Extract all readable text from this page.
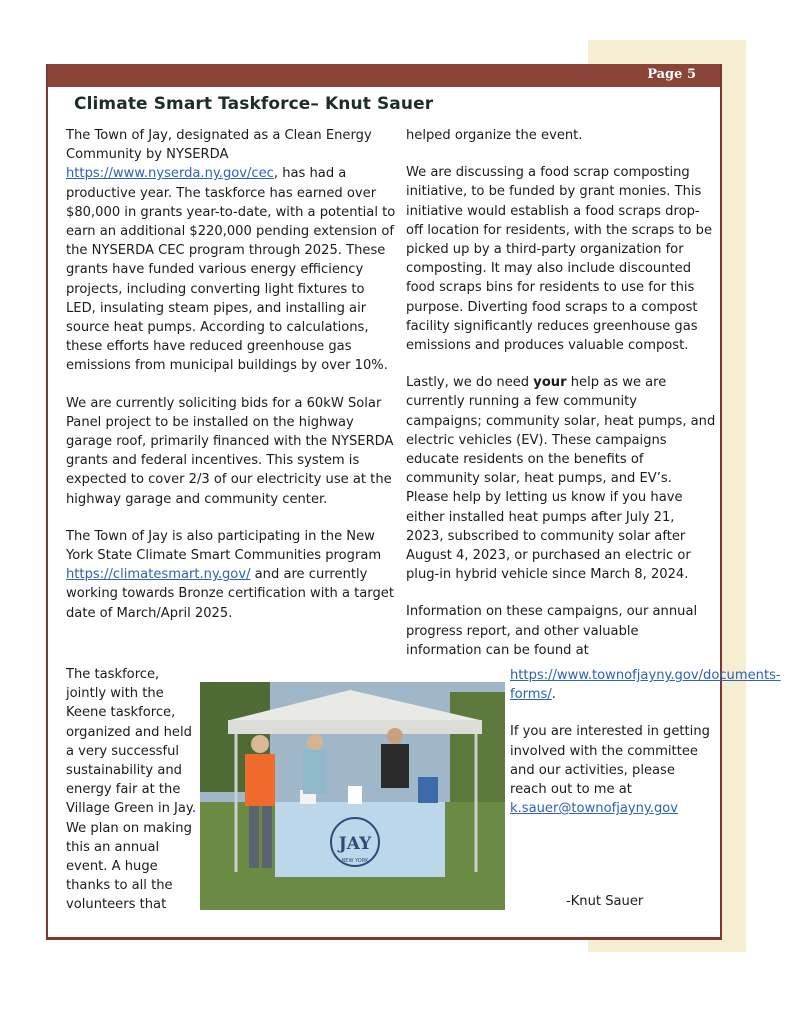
Page 5
Climate Smart Taskforce– Knut Sauer

The Town of Jay, designated as a Clean Energy Community by NYSERDA https://www.nyserda.ny.gov/cec, has had a productive year. The taskforce has earned over $80,000 in grants year-to-date, with a potential to earn an additional $220,000 pending extension of the NYSERDA CEC program through 2025. These grants have funded various energy efficiency projects, including converting light fixtures to LED, insulating steam pipes, and installing air source heat pumps. According to calculations, these efforts have reduced greenhouse gas emissions from municipal buildings by over 10%.

We are currently soliciting bids for a 60kW Solar Panel project to be installed on the highway garage roof, primarily financed with the NYSERDA grants and federal incentives. This system is expected to cover 2/3 of our electricity use at the highway garage and community center.

The Town of Jay is also participating in the New York State Climate Smart Communities program https://climatesmart.ny.gov/ and are currently working towards Bronze certification with a target date of March/April 2025.

The taskforce, jointly with the Keene taskforce, organized and held a very successful sustainability and energy fair at the Village Green in Jay. We plan on making this an annual event. A huge thanks to all the volunteers that

helped organize the event.

We are discussing a food scrap composting initiative, to be funded by grant monies. This initiative would establish a food scraps drop-off location for residents, with the scraps to be picked up by a third-party organization for composting. It may also include discounted food scraps bins for residents to use for this purpose. Diverting food scraps to a compost facility significantly reduces greenhouse gas emissions and produces valuable compost.

Lastly, we do need your help as we are currently running a few community campaigns; community solar, heat pumps, and electric vehicles (EV). These campaigns educate residents on the benefits of community solar, heat pumps, and EV’s. Please help by letting us know if you have either installed heat pumps after July 21, 2023, subscribed to community solar after August 4, 2023, or purchased an electric or plug-in hybrid vehicle since March 8, 2024.

Information on these campaigns, our annual progress report, and other valuable information can be found at

https://www.townofjayny.gov/documents-forms/.

If you are interested in getting involved with the committee and our activities, please reach out to me at k.sauer@townofjayny.gov

JAY
NEW YORK
-Knut Sauer
